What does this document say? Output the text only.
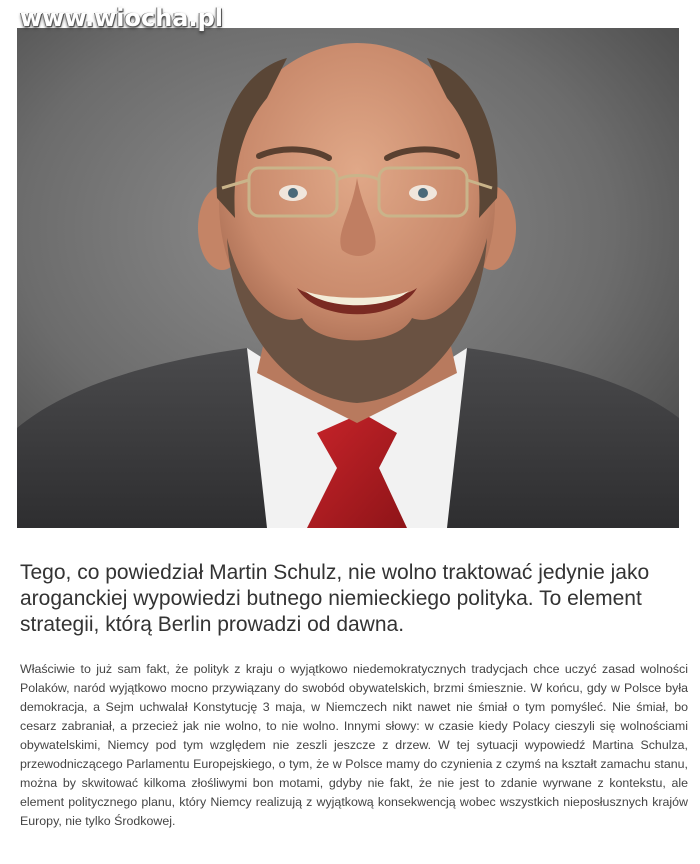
www.wiocha.pl

Tego, co powiedział Martin Schulz, nie wolno traktować jedynie jako aroganckiej wypowiedzi butnego niemieckiego polityka. To element strategii, którą Berlin prowadzi od dawna.

Właściwie to już sam fakt, że polityk z kraju o wyjątkowo niedemokratycznych tradycjach chce uczyć zasad wolności Polaków, naród wyjątkowo mocno przywiązany do swobód obywatelskich, brzmi śmiesznie. W końcu, gdy w Polsce była demokracja, a Sejm uchwalał Konstytucję 3 maja, w Niemczech nikt nawet nie śmiał o tym pomyśleć. Nie śmiał, bo cesarz zabraniał, a przecież jak nie wolno, to nie wolno. Innymi słowy: w czasie kiedy Polacy cieszyli się wolnościami obywatelskimi, Niemcy pod tym względem nie zeszli jeszcze z drzew. W tej sytuacji wypowiedź Martina Schulza, przewodniczącego Parlamentu Europejskiego, o tym, że w Polsce mamy do czynienia z czymś na kształt zamachu stanu, można by skwitować kilkoma złośliwymi bon motami, gdyby nie fakt, że nie jest to zdanie wyrwane z kontekstu, ale element politycznego planu, który Niemcy realizują z wyjątkową konsekwencją wobec wszystkich nieposłusznych krajów Europy, nie tylko Środkowej.
